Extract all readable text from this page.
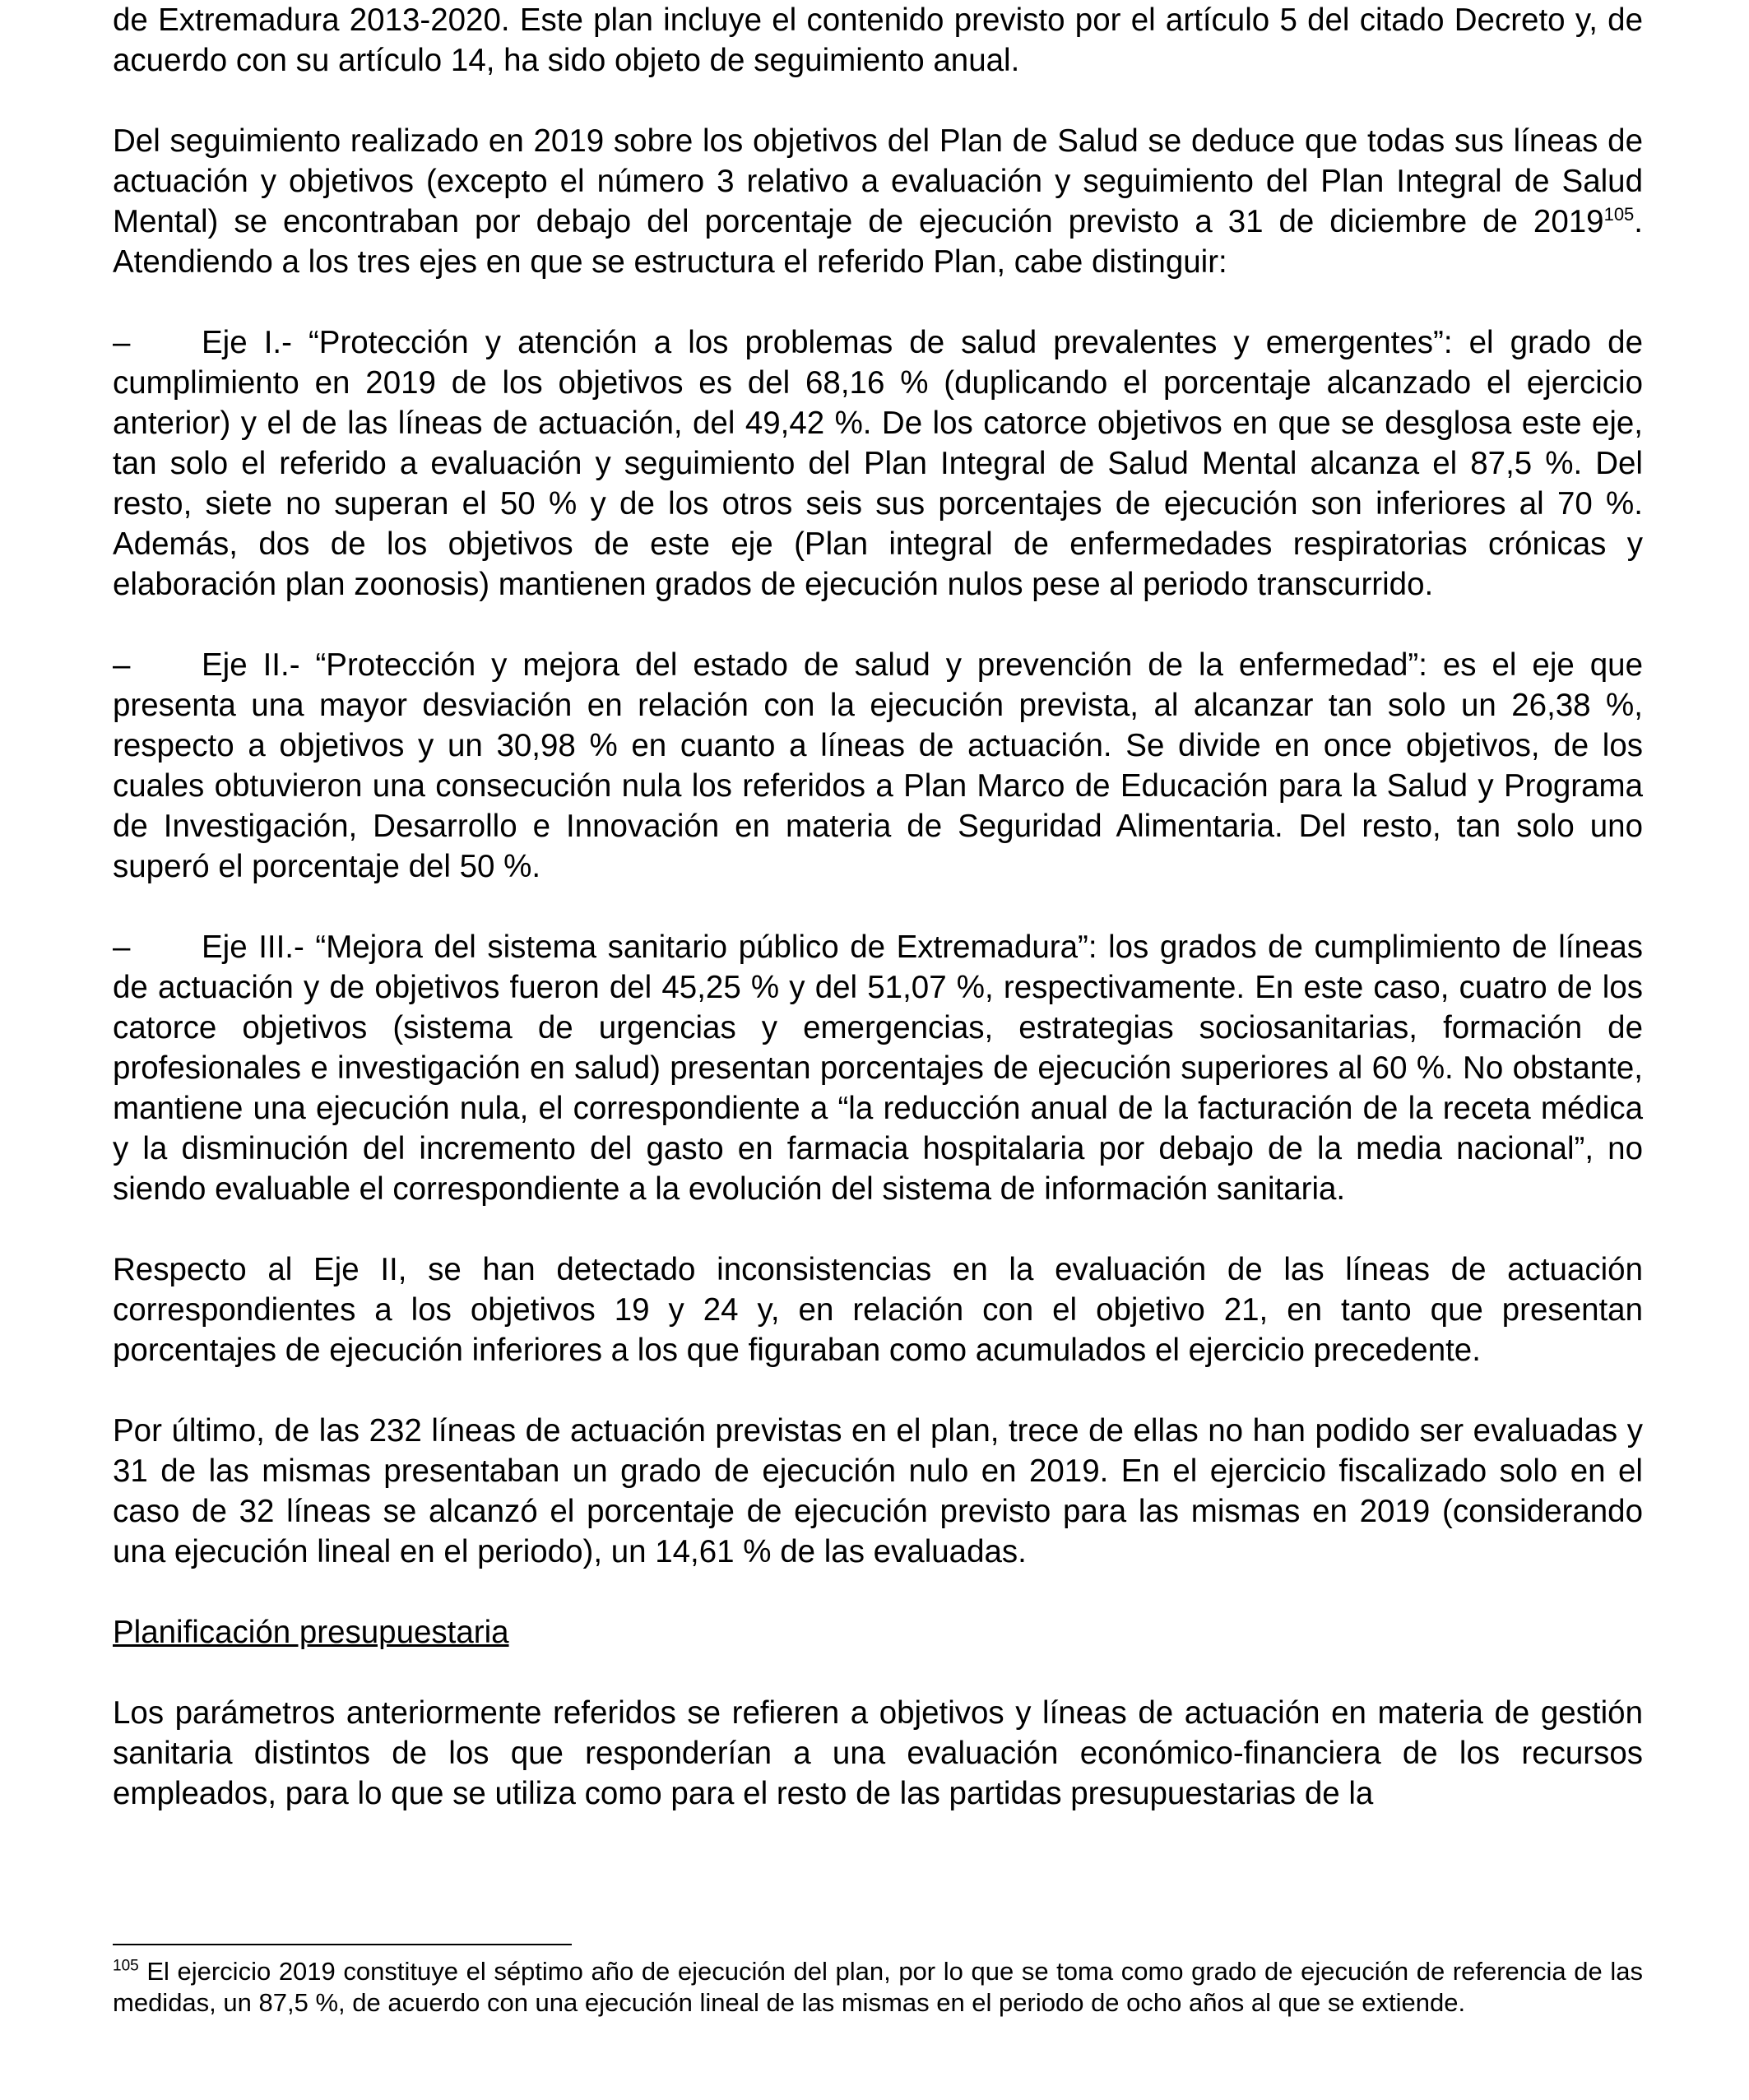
de Extremadura 2013-2020. Este plan incluye el contenido previsto por el artículo 5 del citado Decreto y, de acuerdo con su artículo 14, ha sido objeto de seguimiento anual.

Del seguimiento realizado en 2019 sobre los objetivos del Plan de Salud se deduce que todas sus líneas de actuación y objetivos (excepto el número 3 relativo a evaluación y seguimiento del Plan Integral de Salud Mental) se encontraban por debajo del porcentaje de ejecución previsto a 31 de diciembre de 2019$^{105}$. Atendiendo a los tres ejes en que se estructura el referido Plan, cabe distinguir:

– Eje I.- “Protección y atención a los problemas de salud prevalentes y emergentes”: el grado de cumplimiento en 2019 de los objetivos es del 68,16 % (duplicando el porcentaje alcanzado el ejercicio anterior) y el de las líneas de actuación, del 49,42 %. De los catorce objetivos en que se desglosa este eje, tan solo el referido a evaluación y seguimiento del Plan Integral de Salud Mental alcanza el 87,5 %. Del resto, siete no superan el 50 % y de los otros seis sus porcentajes de ejecución son inferiores al 70 %. Además, dos de los objetivos de este eje (Plan integral de enfermedades respiratorias crónicas y elaboración plan zoonosis) mantienen grados de ejecución nulos pese al periodo transcurrido.

– Eje II.- “Protección y mejora del estado de salud y prevención de la enfermedad”: es el eje que presenta una mayor desviación en relación con la ejecución prevista, al alcanzar tan solo un 26,38 %, respecto a objetivos y un 30,98 % en cuanto a líneas de actuación. Se divide en once objetivos, de los cuales obtuvieron una consecución nula los referidos a Plan Marco de Educación para la Salud y Programa de Investigación, Desarrollo e Innovación en materia de Seguridad Alimentaria. Del resto, tan solo uno superó el porcentaje del 50 %.

– Eje III.- “Mejora del sistema sanitario público de Extremadura”: los grados de cumplimiento de líneas de actuación y de objetivos fueron del 45,25 % y del 51,07 %, respectivamente. En este caso, cuatro de los catorce objetivos (sistema de urgencias y emergencias, estrategias sociosanitarias, formación de profesionales e investigación en salud) presentan porcentajes de ejecución superiores al 60 %. No obstante, mantiene una ejecución nula, el correspondiente a “la reducción anual de la facturación de la receta médica y la disminución del incremento del gasto en farmacia hospitalaria por debajo de la media nacional”, no siendo evaluable el correspondiente a la evolución del sistema de información sanitaria.

Respecto al Eje II, se han detectado inconsistencias en la evaluación de las líneas de actuación correspondientes a los objetivos 19 y 24 y, en relación con el objetivo 21, en tanto que presentan porcentajes de ejecución inferiores a los que figuraban como acumulados el ejercicio precedente.

Por último, de las 232 líneas de actuación previstas en el plan, trece de ellas no han podido ser evaluadas y 31 de las mismas presentaban un grado de ejecución nulo en 2019. En el ejercicio fiscalizado solo en el caso de 32 líneas se alcanzó el porcentaje de ejecución previsto para las mismas en 2019 (considerando una ejecución lineal en el periodo), un 14,61 % de las evaluadas.

Planificación presupuestaria

Los parámetros anteriormente referidos se refieren a objetivos y líneas de actuación en materia de gestión sanitaria distintos de los que responderían a una evaluación económico-financiera de los recursos empleados, para lo que se utiliza como para el resto de las partidas presupuestarias de la

$^{105}$ El ejercicio 2019 constituye el séptimo año de ejecución del plan, por lo que se toma como grado de ejecución de referencia de las medidas, un 87,5 %, de acuerdo con una ejecución lineal de las mismas en el periodo de ocho años al que se extiende.
